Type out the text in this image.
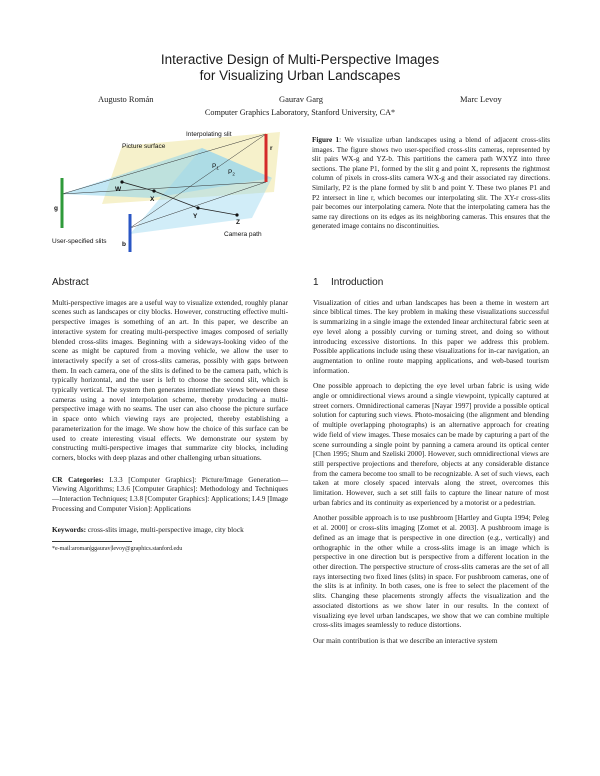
Interactive Design of Multi-Perspective Images
for Visualizing Urban Landscapes
Augusto Román	Gaurav Garg	Marc Levoy
Computer Graphics Laboratory, Stanford University, CA*
Interpolating slit
Picture surface
User-specified slits
Camera path
W
X
Y
Z
g
b
r
$P_1$
$P_2$

Figure 1: We visualize urban landscapes using a blend of adjacent cross-slits images. The figure shows two user-specified cross-slits cameras, represented by slit pairs WX-g and YZ-b. This partitions the camera path WXYZ into three sections. The plane P1, formed by the slit g and point X, represents the rightmost column of pixels in cross-slits camera WX-g and their associated ray directions. Similarly, P2 is the plane formed by slit b and point Y. These two planes P1 and P2 intersect in line r, which becomes our interpolating slit. The XY-r cross-slits pair becomes our interpolating camera. Note that the interpolating camera has the same ray directions on its edges as its neighboring cameras. This ensures that the generated image contains no discontinuities.

Abstract

Multi-perspective images are a useful way to visualize extended, roughly planar scenes such as landscapes or city blocks. However, constructing effective multi-perspective images is something of an art. In this paper, we describe an interactive system for creating multi-perspective images composed of serially blended cross-slits images. Beginning with a sideways-looking video of the scene as might be captured from a moving vehicle, we allow the user to interactively specify a set of cross-slits cameras, possibly with gaps between them. In each camera, one of the slits is defined to be the camera path, which is typically horizontal, and the user is left to choose the second slit, which is typically vertical. The system then generates intermediate views between these cameras using a novel interpolation scheme, thereby producing a multi-perspective image with no seams. The user can also choose the picture surface in space onto which viewing rays are projected, thereby establishing a parameterization for the image. We show how the choice of this surface can be used to create interesting visual effects. We demonstrate our system by constructing multi-perspective images that summarize city blocks, including corners, blocks with deep plazas and other challenging urban situations.

CR Categories: I.3.3 [Computer Graphics]: Picture/Image Generation—Viewing Algorithms; I.3.6 [Computer Graphics]: Methodology and Techniques—Interaction Techniques; I.3.8 [Computer Graphics]: Applications; I.4.9 [Image Processing and Computer Vision]: Applications

Keywords: cross-slits image, multi-perspective image, city block

*e-mail:aroman|ggaurav|levoy@graphics.stanford.edu
1 Introduction

Visualization of cities and urban landscapes has been a theme in western art since biblical times. The key problem in making these visualizations successful is summarizing in a single image the extended linear architectural fabric seen at eye level along a possibly curving or turning street, and doing so without introducing excessive distortions. In this paper we address this problem. Possible applications include using these visualizations for in-car navigation, an augmentation to online route mapping applications, and web-based tourism information.

One possible approach to depicting the eye level urban fabric is using wide angle or omnidirectional views around a single viewpoint, typically captured at street corners. Omnidirectional cameras [Nayar 1997] provide a possible optical solution for capturing such views. Photo-mosaicing (the alignment and blending of multiple overlapping photographs) is an alternative approach for creating wide field of view images. These mosaics can be made by capturing a part of the scene surrounding a single point by panning a camera around its optical center [Chen 1995; Shum and Szeliski 2000]. However, such omnidirectional views are still perspective projections and therefore, objects at any considerable distance from the camera become too small to be recognizable. A set of such views, each taken at more closely spaced intervals along the street, overcomes this limitation. However, such a set still fails to capture the linear nature of most urban fabrics and its continuity as experienced by a motorist or a pedestrian.

Another possible approach is to use pushbroom [Hartley and Gupta 1994; Peleg et al. 2000] or cross-slits imaging [Zomet et al. 2003]. A pushbroom image is defined as an image that is perspective in one direction (e.g., vertically) and orthographic in the other while a cross-slits image is an image which is perspective in one direction but is perspective from a different location in the other direction. The perspective structure of cross-slits cameras are the set of all rays intersecting two fixed lines (slits) in space. For pushbroom cameras, one of the slits is at infinity. In both cases, one is free to select the placement of the slits. Changing these placements strongly affects the visualization and the associated distortions as we show later in our results. In the context of visualizing eye level urban landscapes, we show that we can combine multiple cross-slits images seamlessly to reduce distortions.

Our main contribution is that we describe an interactive system
